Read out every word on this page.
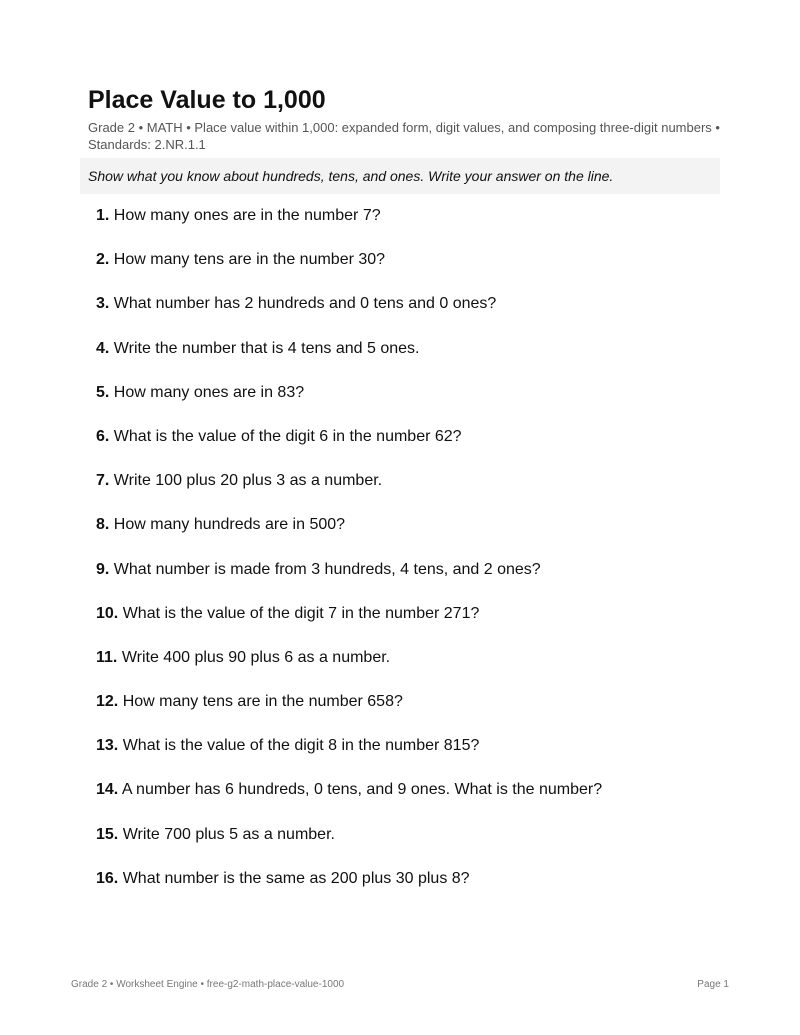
Place Value to 1,000
Grade 2 • MATH • Place value within 1,000: expanded form, digit values, and composing three-digit numbers • Standards: 2.NR.1.1
Show what you know about hundreds, tens, and ones. Write your answer on the line.
1. How many ones are in the number 7?
2. How many tens are in the number 30?
3. What number has 2 hundreds and 0 tens and 0 ones?
4. Write the number that is 4 tens and 5 ones.
5. How many ones are in 83?
6. What is the value of the digit 6 in the number 62?
7. Write 100 plus 20 plus 3 as a number.
8. How many hundreds are in 500?
9. What number is made from 3 hundreds, 4 tens, and 2 ones?
10. What is the value of the digit 7 in the number 271?
11. Write 400 plus 90 plus 6 as a number.
12. How many tens are in the number 658?
13. What is the value of the digit 8 in the number 815?
14. A number has 6 hundreds, 0 tens, and 9 ones. What is the number?
15. Write 700 plus 5 as a number.
16. What number is the same as 200 plus 30 plus 8?
Grade 2 • Worksheet Engine • free-g2-math-place-value-1000	Page 1
